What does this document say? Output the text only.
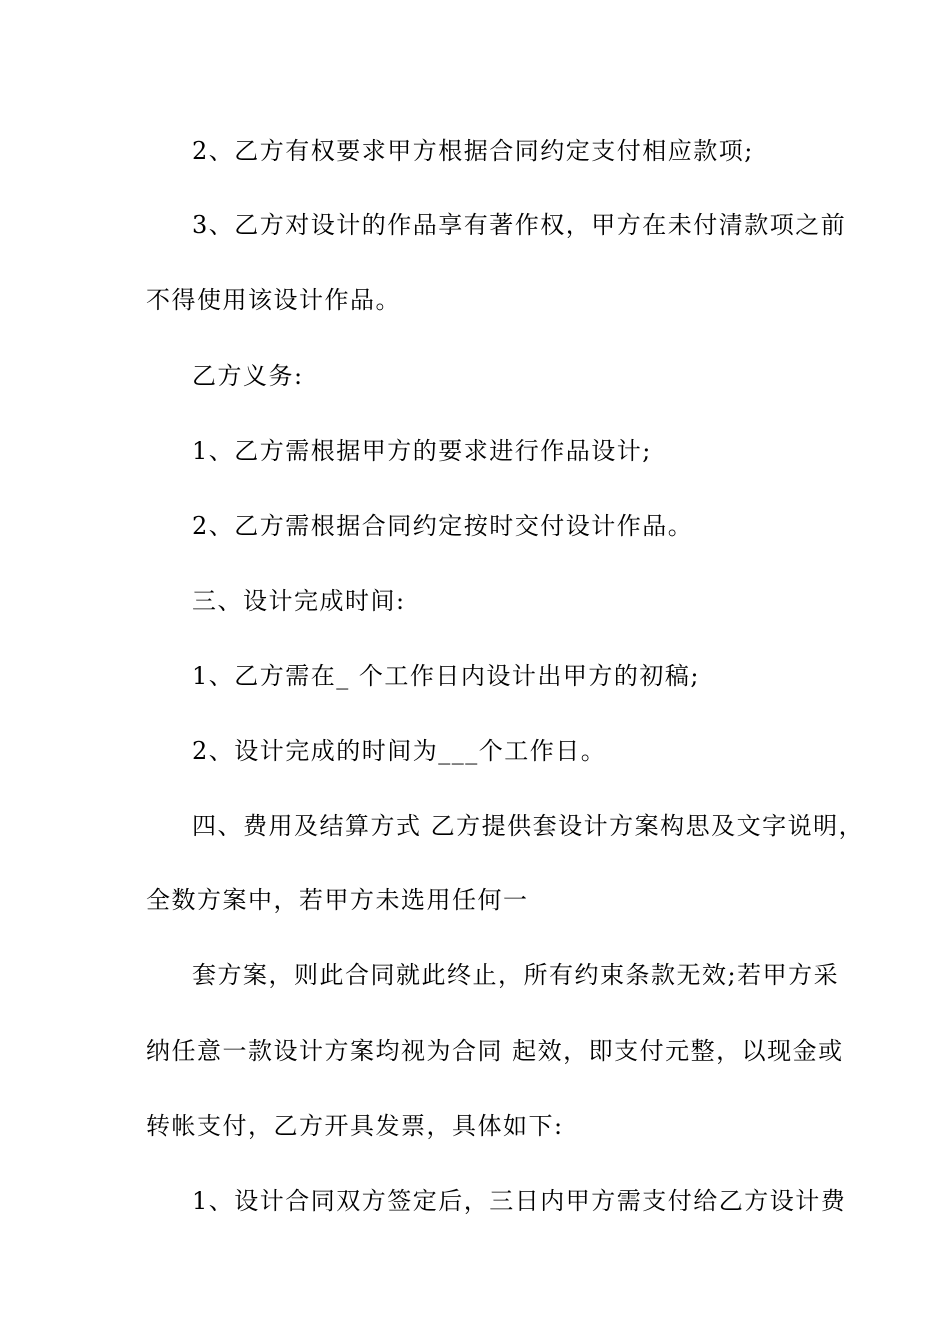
2、乙方有权要求甲方根据合同约定支付相应款项;
3、乙方对设计的作品享有著作权，甲方在未付清款项之前
不得使用该设计作品。
乙方义务:
1、乙方需根据甲方的要求进行作品设计;
2、乙方需根据合同约定按时交付设计作品。
三、设计完成时间:
1、乙方需在_ 个工作日内设计出甲方的初稿;
2、设计完成的时间为___个工作日。
四、费用及结算方式 乙方提供套设计方案构思及文字说明，
全数方案中，若甲方未选用任何一
套方案，则此合同就此终止，所有约束条款无效;若甲方采
纳任意一款设计方案均视为合同 起效，即支付元整，以现金或
转帐支付，乙方开具发票，具体如下:
1、设计合同双方签定后，三日内甲方需支付给乙方设计费
